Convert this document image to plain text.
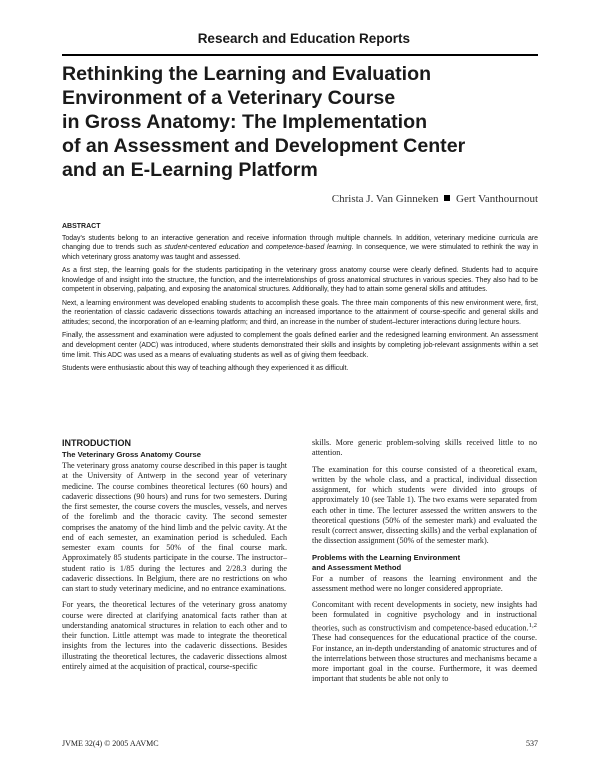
Research and Education Reports
Rethinking the Learning and Evaluation
Environment of a Veterinary Course
in Gross Anatomy: The Implementation
of an Assessment and Development Center
and an E-Learning Platform
Christa J. Van Ginneken Gert Vanthournout
ABSTRACT

Today’s students belong to an interactive generation and receive information through multiple channels. In addition, veterinary medicine curricula are changing due to trends such as student-centered education and competence-based learning. In consequence, we were stimulated to rethink the way in which veterinary gross anatomy was taught and assessed.

As a first step, the learning goals for the students participating in the veterinary gross anatomy course were clearly defined. Students had to acquire knowledge of and insight into the structure, the function, and the interrelationships of gross anatomical structures in various species. They also had to be competent in observing, palpating, and exposing the anatomical structures. Additionally, they had to attain some general skills and attitudes.

Next, a learning environment was developed enabling students to accomplish these goals. The three main components of this new environment were, first, the reorientation of classic cadaveric dissections towards attaching an increased importance to the attainment of course-specific and general skills and attitudes; second, the incorporation of an e-learning platform; and third, an increase in the number of student–lecturer interactions during lecture hours.

Finally, the assessment and examination were adjusted to complement the goals defined earlier and the redesigned learning environment. An assessment and development center (ADC) was introduced, where students demonstrated their skills and insights by completing job-relevant assignments within a set time limit. This ADC was used as a means of evaluating students as well as of giving them feedback.

Students were enthusiastic about this way of teaching although they experienced it as difficult.

INTRODUCTION
The Veterinary Gross Anatomy Course

The veterinary gross anatomy course described in this paper is taught at the University of Antwerp in the second year of veterinary medicine. The course combines theoretical lectures (60 hours) and cadaveric dissections (90 hours) and runs for two semesters. During the first semester, the course covers the muscles, vessels, and nerves of the forelimb and the thoracic cavity. The second semester comprises the anatomy of the hind limb and the pelvic cavity. At the end of each semester, an examination period is scheduled. Each semester exam counts for 50% of the final course mark. Approximately 85 students participate in the course. The instructor–student ratio is 1/85 during the lectures and 2/28.3 during the cadaveric dissections. In Belgium, there are no restrictions on who can start to study veterinary medicine, and no entrance examinations.

For years, the theoretical lectures of the veterinary gross anatomy course were directed at clarifying anatomical facts rather than at understanding anatomical structures in relation to each other and to their function. Little attempt was made to integrate the theoretical insights from the lectures into the cadaveric dissections. Besides illustrating the theoretical lectures, the cadaveric dissections almost entirely aimed at the acquisition of practical, course-specific

skills. More generic problem-solving skills received little to no attention.

The examination for this course consisted of a theoretical exam, written by the whole class, and a practical, individual dissection assignment, for which students were divided into groups of approximately 10 (see Table 1). The two exams were separated from each other in time. The lecturer assessed the written answers to the theoretical questions (50% of the semester mark) and evaluated the result (correct answer, dissecting skills) and the verbal explanation of the dissection assignment (50% of the semester mark).

Problems with the Learning Environment
and Assessment Method

For a number of reasons the learning environment and the assessment method were no longer considered appropriate.

Concomitant with recent developments in society, new insights had been formulated in cognitive psychology and in instructional theories, such as constructivism and competence-based education.$^{1,2}$ These had consequences for the educational practice of the course. For instance, an in-depth understanding of anatomic structures and of the interrelations between those structures and mechanisms became a more important goal in the course. Furthermore, it was deemed important that students be able not only to

JVME 32(4) © 2005 AAVMC	537
